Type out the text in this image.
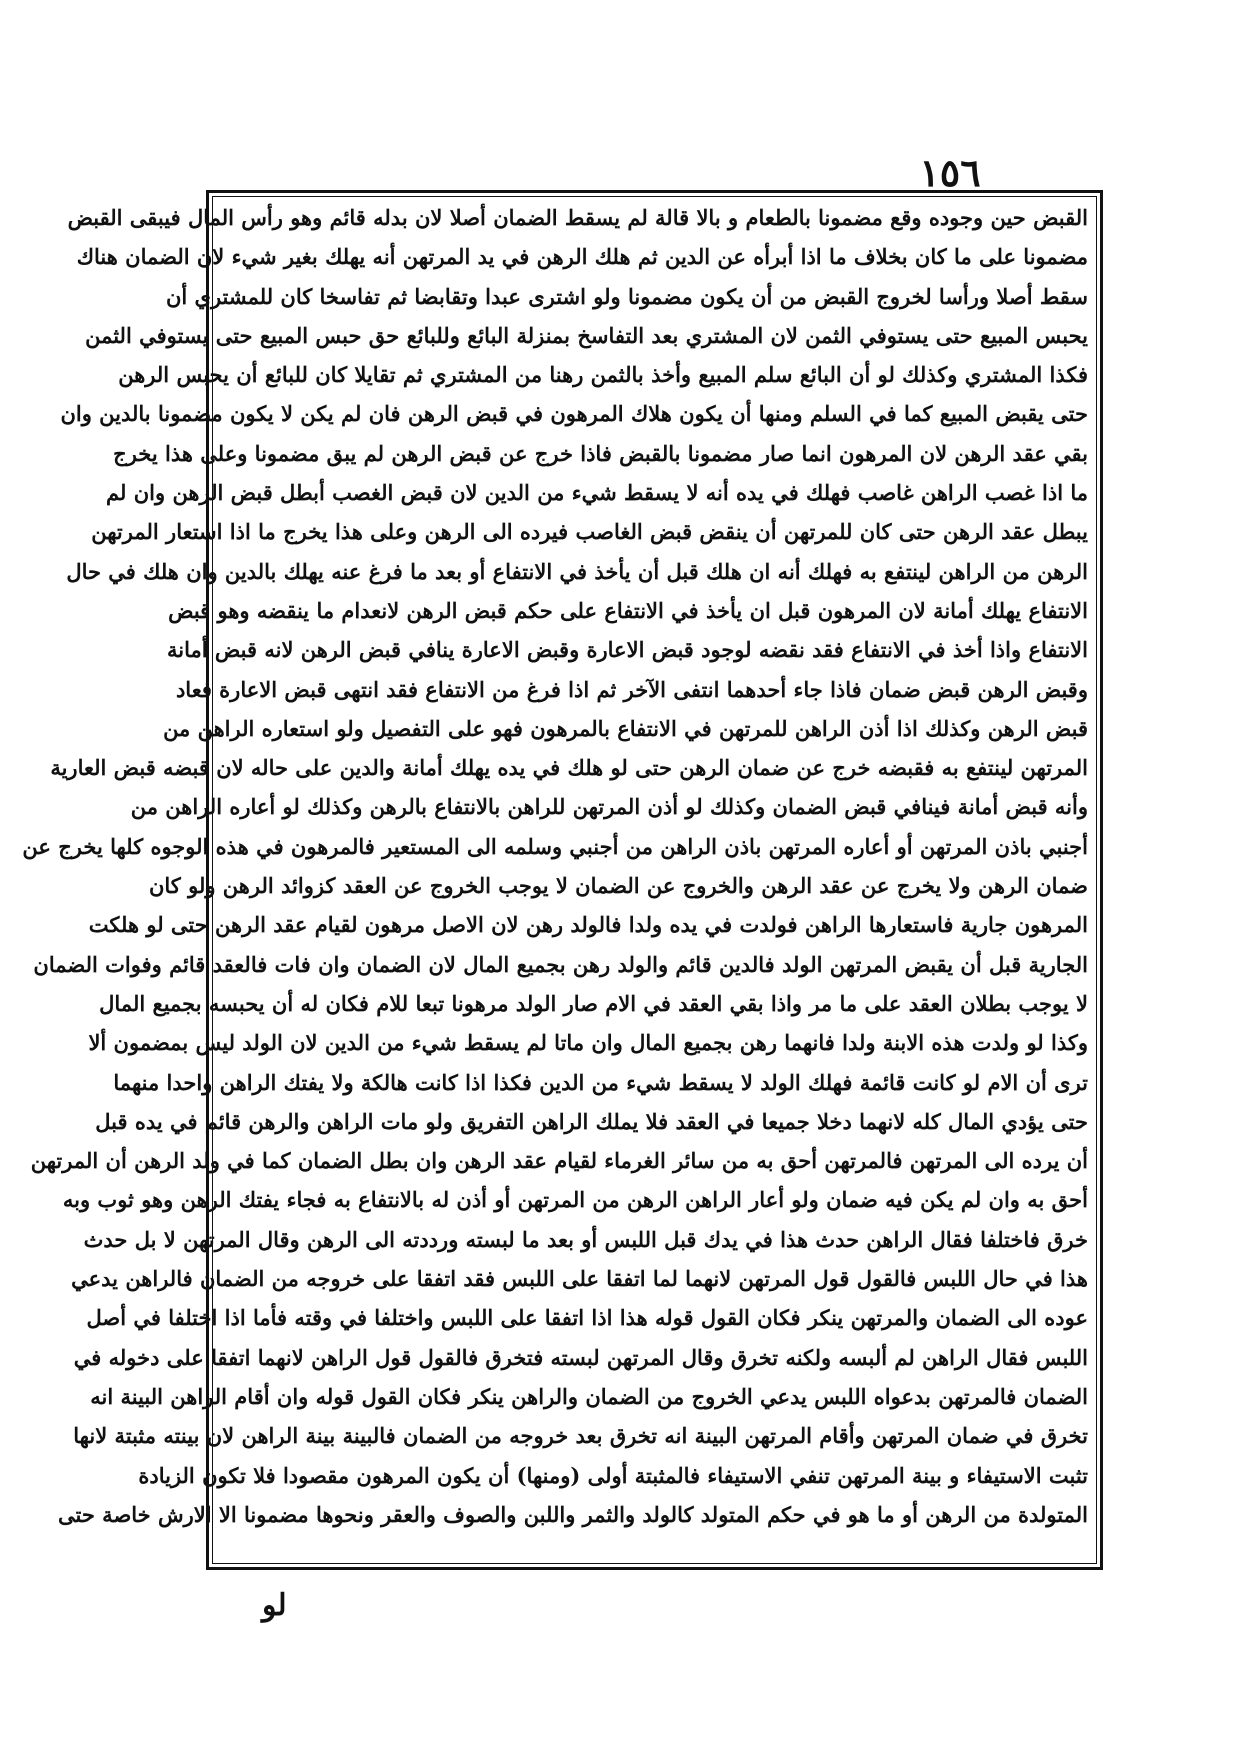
١٥٦
القبض حين وجوده وقع مضمونا بالطعام و بالا قالة لم يسقط الضمان أصلا لان بدله قائم وهو رأس المال فيبقى القبض
مضمونا على ما كان بخلاف ما اذا أبرأه عن الدين ثم هلك الرهن في يد المرتهن أنه يهلك بغير شيء لان الضمان هناك
سقط أصلا ورأسا لخروج القبض من أن يكون مضمونا ولو اشترى عبدا وتقابضا ثم تفاسخا كان للمشتري أن
يحبس المبيع حتى يستوفي الثمن لان المشتري بعد التفاسخ بمنزلة البائع وللبائع حق حبس المبيع حتى يستوفي الثمن
فكذا المشتري وكذلك لو أن البائع سلم المبيع وأخذ بالثمن رهنا من المشتري ثم تقايلا كان للبائع أن يحبس الرهن
حتى يقبض المبيع كما في السلم ومنها أن يكون هلاك المرهون في قبض الرهن فان لم يكن لا يكون مضمونا بالدين وان
بقي عقد الرهن لان المرهون انما صار مضمونا بالقبض فاذا خرج عن قبض الرهن لم يبق مضمونا وعلى هذا يخرج
ما اذا غصب الراهن غاصب فهلك في يده أنه لا يسقط شيء من الدين لان قبض الغصب أبطل قبض الرهن وان لم
يبطل عقد الرهن حتى كان للمرتهن أن ينقض قبض الغاصب فيرده الى الرهن وعلى هذا يخرج ما اذا استعار المرتهن
الرهن من الراهن لينتفع به فهلك أنه ان هلك قبل أن يأخذ في الانتفاع أو بعد ما فرغ عنه يهلك بالدين وان هلك في حال
الانتفاع يهلك أمانة لان المرهون قبل ان يأخذ في الانتفاع على حكم قبض الرهن لانعدام ما ينقضه وهو قبض
الانتفاع واذا أخذ في الانتفاع فقد نقضه لوجود قبض الاعارة وقبض الاعارة ينافي قبض الرهن لانه قبض أمانة
وقبض الرهن قبض ضمان فاذا جاء أحدهما انتفى الآخر ثم اذا فرغ من الانتفاع فقد انتهى قبض الاعارة فعاد
قبض الرهن وكذلك اذا أذن الراهن للمرتهن في الانتفاع بالمرهون فهو على التفصيل ولو استعاره الراهن من
المرتهن لينتفع به فقبضه خرج عن ضمان الرهن حتى لو هلك في يده يهلك أمانة والدين على حاله لان قبضه قبض العارية
وأنه قبض أمانة فينافي قبض الضمان وكذلك لو أذن المرتهن للراهن بالانتفاع بالرهن وكذلك لو أعاره الراهن من
أجنبي باذن المرتهن أو أعاره المرتهن باذن الراهن من أجنبي وسلمه الى المستعير فالمرهون في هذه الوجوه كلها يخرج عن
ضمان الرهن ولا يخرج عن عقد الرهن والخروج عن الضمان لا يوجب الخروج عن العقد كزوائد الرهن ولو كان
المرهون جارية فاستعارها الراهن فولدت في يده ولدا فالولد رهن لان الاصل مرهون لقيام عقد الرهن حتى لو هلكت
الجارية قبل أن يقبض المرتهن الولد فالدين قائم والولد رهن بجميع المال لان الضمان وان فات فالعقد قائم وفوات الضمان
لا يوجب بطلان العقد على ما مر واذا بقي العقد في الام صار الولد مرهونا تبعا للام فكان له أن يحبسه بجميع المال
وكذا لو ولدت هذه الابنة ولدا فانهما رهن بجميع المال وان ماتا لم يسقط شيء من الدين لان الولد ليس بمضمون ألا
ترى أن الام لو كانت قائمة فهلك الولد لا يسقط شيء من الدين فكذا اذا كانت هالكة ولا يفتك الراهن واحدا منهما
حتى يؤدي المال كله لانهما دخلا جميعا في العقد فلا يملك الراهن التفريق ولو مات الراهن والرهن قائم في يده قبل
أن يرده الى المرتهن فالمرتهن أحق به من سائر الغرماء لقيام عقد الرهن وان بطل الضمان كما في ولد الرهن أن المرتهن
أحق به وان لم يكن فيه ضمان ولو أعار الراهن الرهن من المرتهن أو أذن له بالانتفاع به فجاء يفتك الرهن وهو ثوب وبه
خرق فاختلفا فقال الراهن حدث هذا في يدك قبل اللبس أو بعد ما لبسته ورددته الى الرهن وقال المرتهن لا بل حدث
هذا في حال اللبس فالقول قول المرتهن لانهما لما اتفقا على اللبس فقد اتفقا على خروجه من الضمان فالراهن يدعي
عوده الى الضمان والمرتهن ينكر فكان القول قوله هذا اذا اتفقا على اللبس واختلفا في وقته فأما اذا اختلفا في أصل
اللبس فقال الراهن لم ألبسه ولكنه تخرق وقال المرتهن لبسته فتخرق فالقول قول الراهن لانهما اتفقا على دخوله في
الضمان فالمرتهن بدعواه اللبس يدعي الخروج من الضمان والراهن ينكر فكان القول قوله وان أقام الراهن البينة انه
تخرق في ضمان المرتهن وأقام المرتهن البينة انه تخرق بعد خروجه من الضمان فالبينة بينة الراهن لان بينته مثبتة لانها
تثبت الاستيفاء و بينة المرتهن تنفي الاستيفاء فالمثبتة أولى (ومنها) أن يكون المرهون مقصودا فلا تكون الزيادة
المتولدة من الرهن أو ما هو في حكم المتولد كالولد والثمر واللبن والصوف والعقر ونحوها مضمونا الا الارش خاصة حتى
لو
